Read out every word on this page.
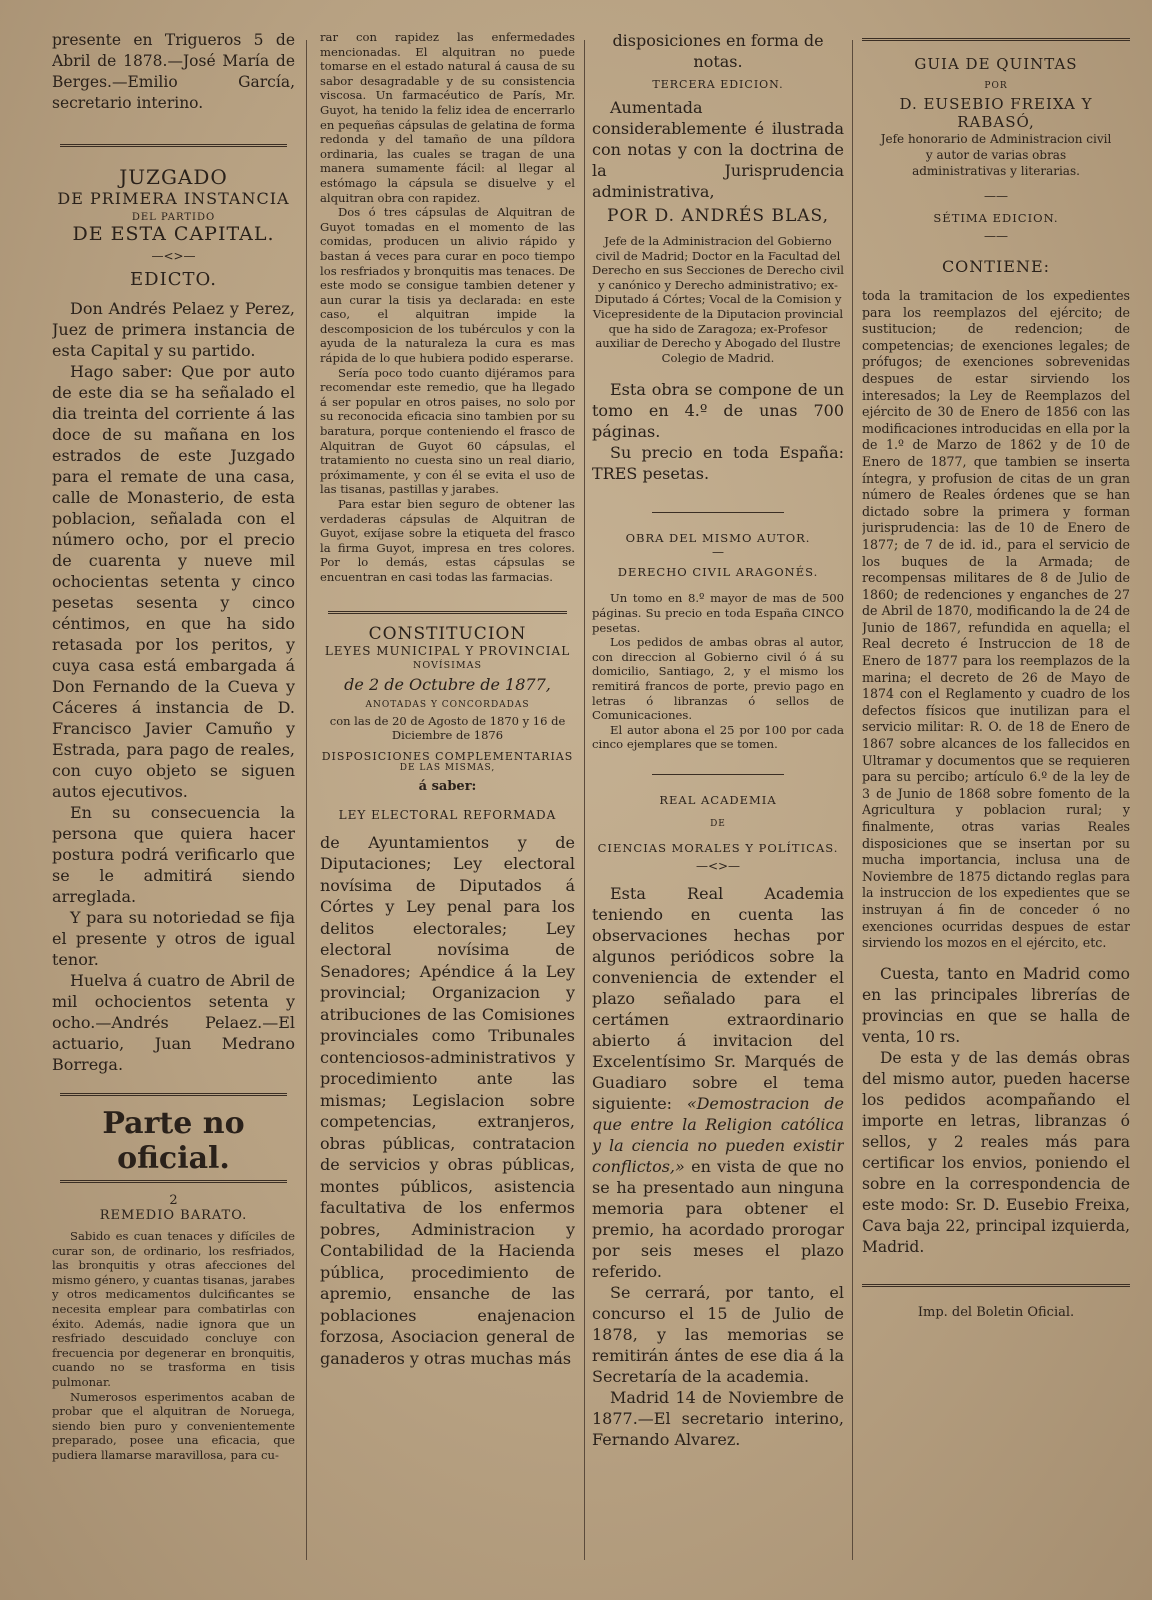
presente en Trigueros 5 de Abril de 1878.—José María de Berges.—Emilio García, secretario interino.

JUZGADO

DE PRIMERA INSTANCIA

DEL PARTIDO

DE ESTA CAPITAL.

—<>—

EDICTO.

Don Andrés Pelaez y Perez, Juez de primera instancia de esta Capital y su partido.

Hago saber: Que por auto de este dia se ha señalado el dia treinta del corriente á las doce de su mañana en los estrados de este Juzgado para el remate de una casa, calle de Monasterio, de esta poblacion, señalada con el número ocho, por el precio de cuarenta y nueve mil ochocientas setenta y cinco pesetas sesenta y cinco céntimos, en que ha sido retasada por los peritos, y cuya casa está embargada á Don Fernando de la Cueva y Cáceres á instancia de D. Francisco Javier Camuño y Estrada, para pago de reales, con cuyo objeto se siguen autos ejecutivos.

En su consecuencia la persona que quiera hacer postura podrá verificarlo que se le admitirá siendo arreglada.

Y para su notoriedad se fija el presente y otros de igual tenor.

Huelva á cuatro de Abril de mil ochocientos setenta y ocho.—Andrés Pelaez.—El actuario, Juan Medrano Borrega.

Parte no oficial.

2

REMEDIO BARATO.

Sabido es cuan tenaces y difíciles de curar son, de ordinario, los resfriados, las bronquitis y otras afecciones del mismo género, y cuantas tisanas, jarabes y otros medicamentos dulcificantes se necesita emplear para combatirlas con éxito. Además, nadie ignora que un resfriado descuidado concluye con frecuencia por degenerar en bronquitis, cuando no se trasforma en tisis pulmonar.

Numerosos esperimentos acaban de probar que el alquitran de Noruega, siendo bien puro y convenientemente preparado, posee una eficacia, que pudiera llamarse maravillosa, para cu-

rar con rapidez las enfermedades mencionadas. El alquitran no puede tomarse en el estado natural á causa de su sabor desagradable y de su consistencia viscosa. Un farmacéutico de París, Mr. Guyot, ha tenido la feliz idea de encerrarlo en pequeñas cápsulas de gelatina de forma redonda y del tamaño de una píldora ordinaria, las cuales se tragan de una manera sumamente fácil: al llegar al estómago la cápsula se disuelve y el alquitran obra con rapidez.

Dos ó tres cápsulas de Alquitran de Guyot tomadas en el momento de las comidas, producen un alivio rápido y bastan á veces para curar en poco tiempo los resfriados y bronquitis mas tenaces. De este modo se consigue tambien detener y aun curar la tisis ya declarada: en este caso, el alquitran impide la descomposicion de los tubérculos y con la ayuda de la naturaleza la cura es mas rápida de lo que hubiera podido esperarse.

Sería poco todo cuanto dijéramos para recomendar este remedio, que ha llegado á ser popular en otros paises, no solo por su reconocida eficacia sino tambien por su baratura, porque conteniendo el frasco de Alquitran de Guyot 60 cápsulas, el tratamiento no cuesta sino un real diario, próximamente, y con él se evita el uso de las tisanas, pastillas y jarabes.

Para estar bien seguro de obtener las verdaderas cápsulas de Alquitran de Guyot, exíjase sobre la etiqueta del frasco la firma Guyot, impresa en tres colores. Por lo demás, estas cápsulas se encuentran en casi todas las farmacias.

CONSTITUCION

LEYES MUNICIPAL Y PROVINCIAL

NOVÍSIMAS

de 2 de Octubre de 1877,

ANOTADAS Y CONCORDADAS

con las de 20 de Agosto de 1870 y 16 de Diciembre de 1876

DISPOSICIONES COMPLEMENTARIAS

DE LAS MISMAS,

á saber:

LEY ELECTORAL REFORMADA

de Ayuntamientos y de Diputaciones; Ley electoral novísima de Diputados á Córtes y Ley penal para los delitos electorales; Ley electoral novísima de Senadores; Apéndice á la Ley provincial; Organizacion y atribuciones de las Comisiones provinciales como Tribunales contenciosos-administrativos y procedimiento ante las mismas; Legislacion sobre competencias, extranjeros, obras públicas, contratacion de servicios y obras públicas, montes públicos, asistencia facultativa de los enfermos pobres, Administracion y Contabilidad de la Hacienda pública, procedimiento de apremio, ensanche de las poblaciones enajenacion forzosa, Asociacion general de ganaderos y otras muchas más

disposiciones en forma de notas.

TERCERA EDICION.

Aumentada considerablemente é ilustrada con notas y con la doctrina de la Jurisprudencia administrativa,

POR D. ANDRÉS BLAS,

Jefe de la Administracion del Gobierno civil de Madrid; Doctor en la Facultad del Derecho en sus Secciones de Derecho civil y canónico y Derecho administrativo; ex-Diputado á Córtes; Vocal de la Comision y Vicepresidente de la Diputacion provincial que ha sido de Zaragoza; ex-Profesor auxiliar de Derecho y Abogado del Ilustre Colegio de Madrid.

Esta obra se compone de un tomo en 4.º de unas 700 páginas.

Su precio en toda España: TRES pesetas.

OBRA DEL MISMO AUTOR.

—

DERECHO CIVIL ARAGONÉS.

Un tomo en 8.º mayor de mas de 500 páginas. Su precio en toda España CINCO pesetas.

Los pedidos de ambas obras al autor, con direccion al Gobierno civil ó á su domicilio, Santiago, 2, y el mismo los remitirá francos de porte, previo pago en letras ó libranzas ó sellos de Comunicaciones.

El autor abona el 25 por 100 por cada cinco ejemplares que se tomen.

REAL ACADEMIA

DE

CIENCIAS MORALES Y POLÍTICAS.

—<>—

Esta Real Academia teniendo en cuenta las observaciones hechas por algunos periódicos sobre la conveniencia de extender el plazo señalado para el certámen extraordinario abierto á invitacion del Excelentísimo Sr. Marqués de Guadiaro sobre el tema siguiente: «Demostracion de que entre la Religion católica y la ciencia no pueden existir conflictos,» en vista de que no se ha presentado aun ninguna memoria para obtener el premio, ha acordado prorogar por seis meses el plazo referido.

Se cerrará, por tanto, el concurso el 15 de Julio de 1878, y las memorias se remitirán ántes de ese dia á la Secretaría de la academia.

Madrid 14 de Noviembre de 1877.—El secretario interino, Fernando Alvarez.

GUIA DE QUINTAS

POR

D. EUSEBIO FREIXA Y RABASÓ,

Jefe honorario de Administracion civil y autor de varias obras administrativas y literarias.

——

SÉTIMA EDICION.

——

CONTIENE:

toda la tramitacion de los expedientes para los reemplazos del ejército; de sustitucion; de redencion; de competencias; de exenciones legales; de prófugos; de exenciones sobrevenidas despues de estar sirviendo los interesados; la Ley de Reemplazos del ejército de 30 de Enero de 1856 con las modificaciones introducidas en ella por la de 1.º de Marzo de 1862 y de 10 de Enero de 1877, que tambien se inserta íntegra, y profusion de citas de un gran número de Reales órdenes que se han dictado sobre la primera y forman jurisprudencia: las de 10 de Enero de 1877; de 7 de id. id., para el servicio de los buques de la Armada; de recompensas militares de 8 de Julio de 1860; de redenciones y enganches de 27 de Abril de 1870, modificando la de 24 de Junio de 1867, refundida en aquella; el Real decreto é Instruccion de 18 de Enero de 1877 para los reemplazos de la marina; el decreto de 26 de Mayo de 1874 con el Reglamento y cuadro de los defectos físicos que inutilizan para el servicio militar: R. O. de 18 de Enero de 1867 sobre alcances de los fallecidos en Ultramar y documentos que se requieren para su percibo; artículo 6.º de la ley de 3 de Junio de 1868 sobre fomento de la Agricultura y poblacion rural; y finalmente, otras varias Reales disposiciones que se insertan por su mucha importancia, inclusa una de Noviembre de 1875 dictando reglas para la instruccion de los expedientes que se instruyan á fin de conceder ó no exenciones ocurridas despues de estar sirviendo los mozos en el ejército, etc.

Cuesta, tanto en Madrid como en las principales librerías de provincias en que se halla de venta, 10 rs.

De esta y de las demás obras del mismo autor, pueden hacerse los pedidos acompañando el importe en letras, libranzas ó sellos, y 2 reales más para certificar los envios, poniendo el sobre en la correspondencia de este modo: Sr. D. Eusebio Freixa, Cava baja 22, principal izquierda, Madrid.

Imp. del Boletin Oficial.
